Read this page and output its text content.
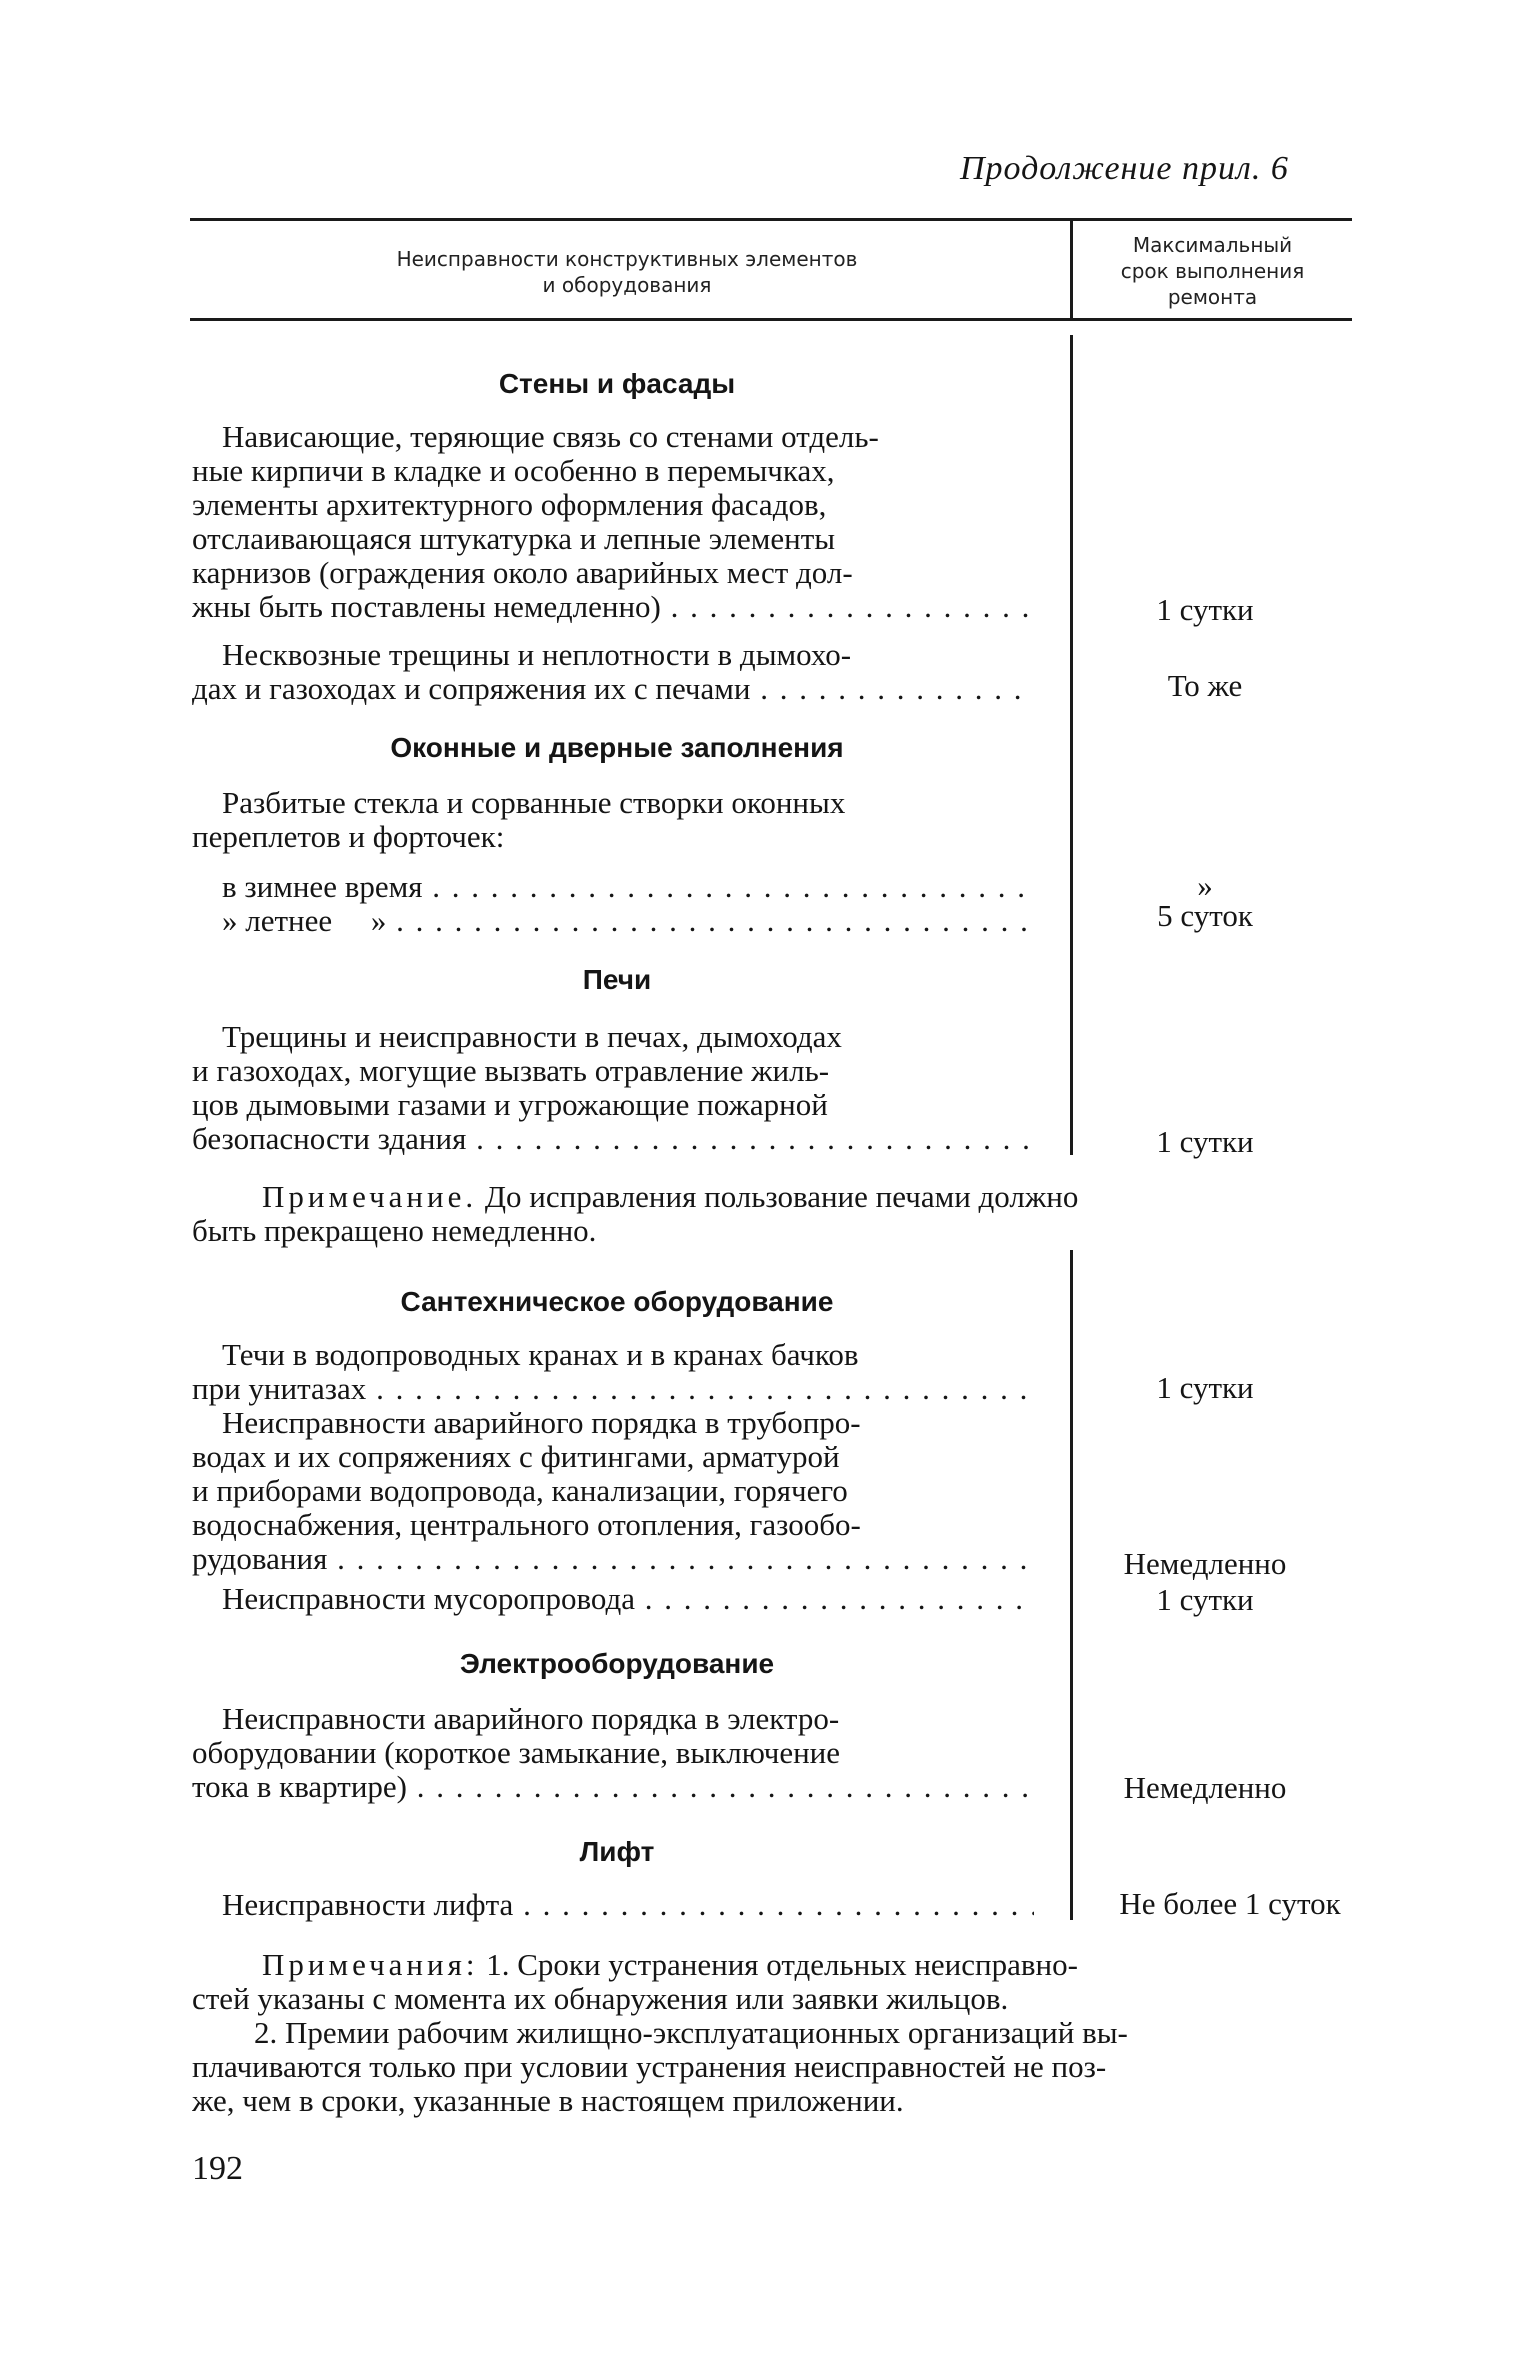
Продолжение прил. 6
Неисправности конструктивных элементов
и оборудования
Максимальный
срок выполнения
ремонта
Стены и фасады
Нависающие, теряющие связь со стенами отдель-
ные кирпичи в кладке и особенно в перемычках,
элементы архитектурного оформления фасадов,
отслаивающаяся штукатурка и лепные элементы
карнизов (ограждения около аварийных мест дол-
жны быть поставлены немедленно) . . .	1 сутки
Несквозные трещины и неплотности в дымохо-
дах и газоходах и сопряжения их с печами . . .	То же
Оконные и дверные заполнения
Разбитые стекла и сорванные створки оконных
переплетов и форточек:
в зимнее время . . .	»
» летнее     » . . .	5 суток
Печи
Трещины и неисправности в печах, дымоходах
и газоходах, могущие вызвать отравление жиль-
цов дымовыми газами и угрожающие пожарной
безопасности здания . . .	1 сутки
Примечание. До исправления пользование печами должно
быть прекращено немедленно.
Сантехническое оборудование
Течи в водопроводных кранах и в кранах бачков
при унитазах . . .	1 сутки
Неисправности аварийного порядка в трубопро-
водах и их сопряжениях с фитингами, арматурой
и приборами водопровода, канализации, горячего
водоснабжения, центрального отопления, газообо-
рудования . . .	Немедленно
Неисправности мусоропровода . . .	1 сутки
Электрооборудование
Неисправности аварийного порядка в электро-
оборудовании (короткое замыкание, выключение
тока в квартире) . . .	Немедленно
Лифт
Неисправности лифта . . .	Не более 1 суток
Примечания: 1. Сроки устранения отдельных неисправно-
стей указаны с момента их обнаружения или заявки жильцов.
2. Премии рабочим жилищно-эксплуатационных организаций вы-
плачиваются только при условии устранения неисправностей не поз-
же, чем в сроки, указанные в настоящем приложении.
192
